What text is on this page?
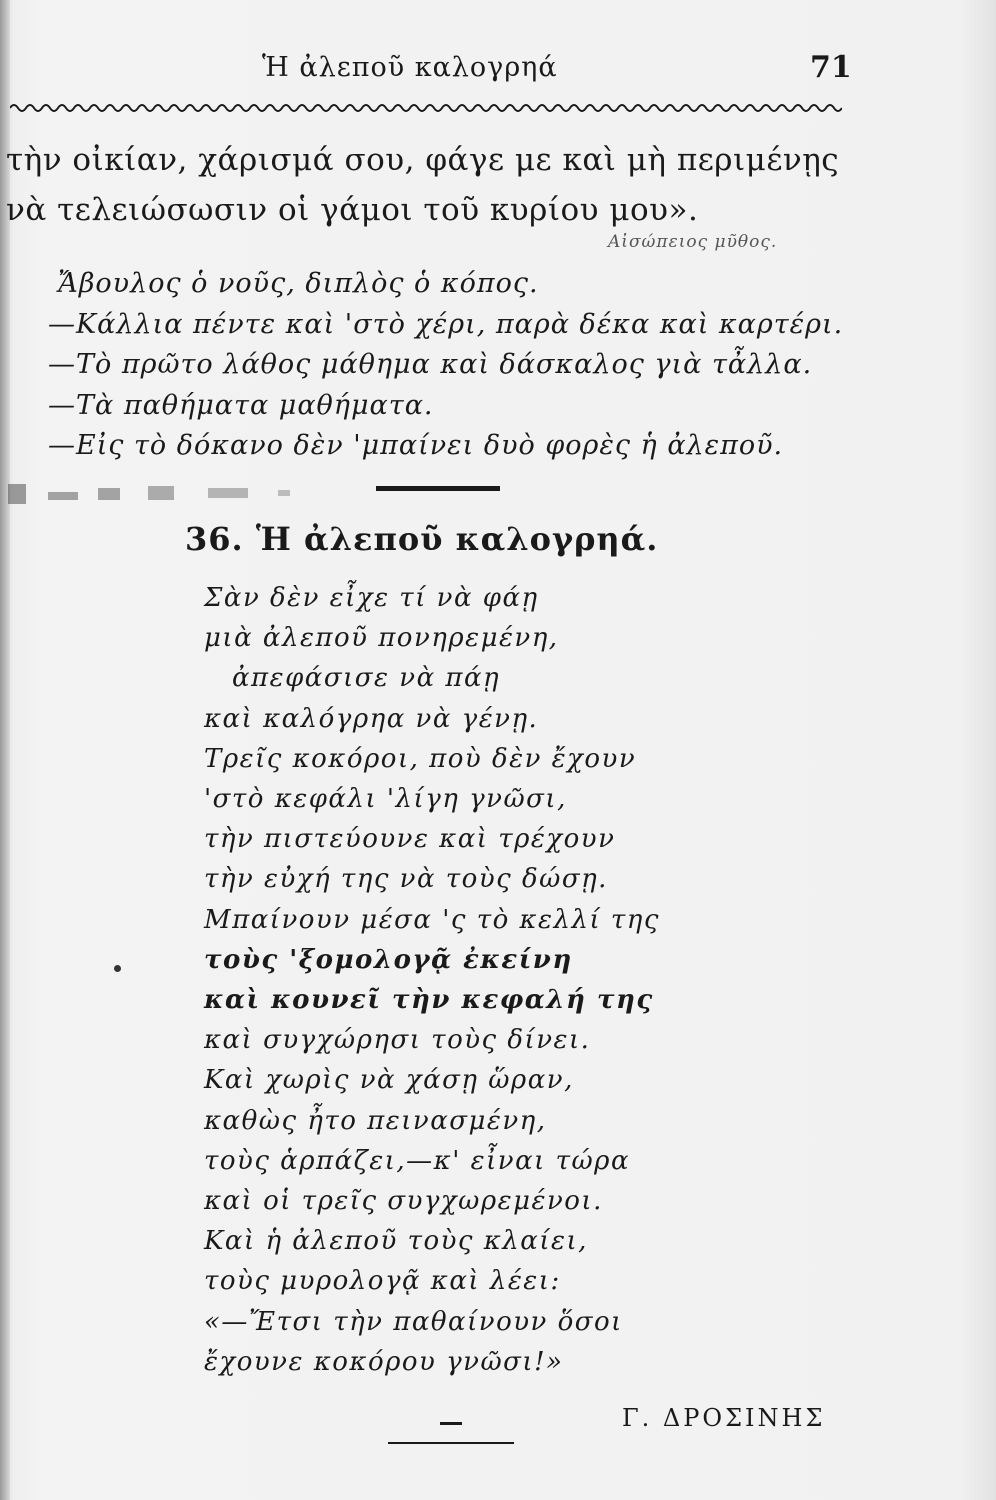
Ἡ ἀλεποῦ καλογρηά	71
τὴν οἰκίαν, χάρισμά σου, φάγε με καὶ μὴ περιμένῃς
νὰ τελειώσωσιν οἱ γάμοι τοῦ κυρίου μου».
Αἰσώπειος μῦθος.
Ἄβουλος ὁ νοῦς, διπλὸς ὁ κόπος.
—Κάλλια πέντε καὶ 'στὸ χέρι, παρὰ δέκα καὶ καρτέρι.
—Τὸ πρῶτο λάθος μάθημα καὶ δάσκαλος γιὰ τἆλλα.
—Τὰ παθήματα μαθήματα.
—Εἰς τὸ δόκανο δὲν 'μπαίνει δυὸ φορὲς ἡ ἀλεποῦ.
36. Ἡ ἀλεποῦ καλογρηά.
Σὰν δὲν εἶχε τί νὰ φάῃ
μιὰ ἀλεποῦ πονηρεμένη,
ἀπεφάσισε νὰ πάῃ
καὶ καλόγρηα νὰ γένῃ.
Τρεῖς κοκόροι, ποὺ δὲν ἔχουν
'στὸ κεφάλι 'λίγη γνῶσι,
τὴν πιστεύουνε καὶ τρέχουν
τὴν εὐχή της νὰ τοὺς δώσῃ.
Μπαίνουν μέσα 'ς τὸ κελλί της
τοὺς 'ξομολογᾷ ἐκείνη
καὶ κουνεῖ τὴν κεφαλή της
καὶ συγχώρησι τοὺς δίνει.
Καὶ χωρὶς νὰ χάσῃ ὥραν,
καθὼς ἦτο πεινασμένη,
τοὺς ἁρπάζει,—κ' εἶναι τώρα
καὶ οἱ τρεῖς συγχωρεμένοι.
Καὶ ἡ ἀλεποῦ τοὺς κλαίει,
τοὺς μυρολογᾷ καὶ λέει:
«—Ἔτσι τὴν παθαίνουν ὅσοι
ἔχουνε κοκόρου γνῶσι!»
Γ. ΔΡΟΣΙΝΗΣ
